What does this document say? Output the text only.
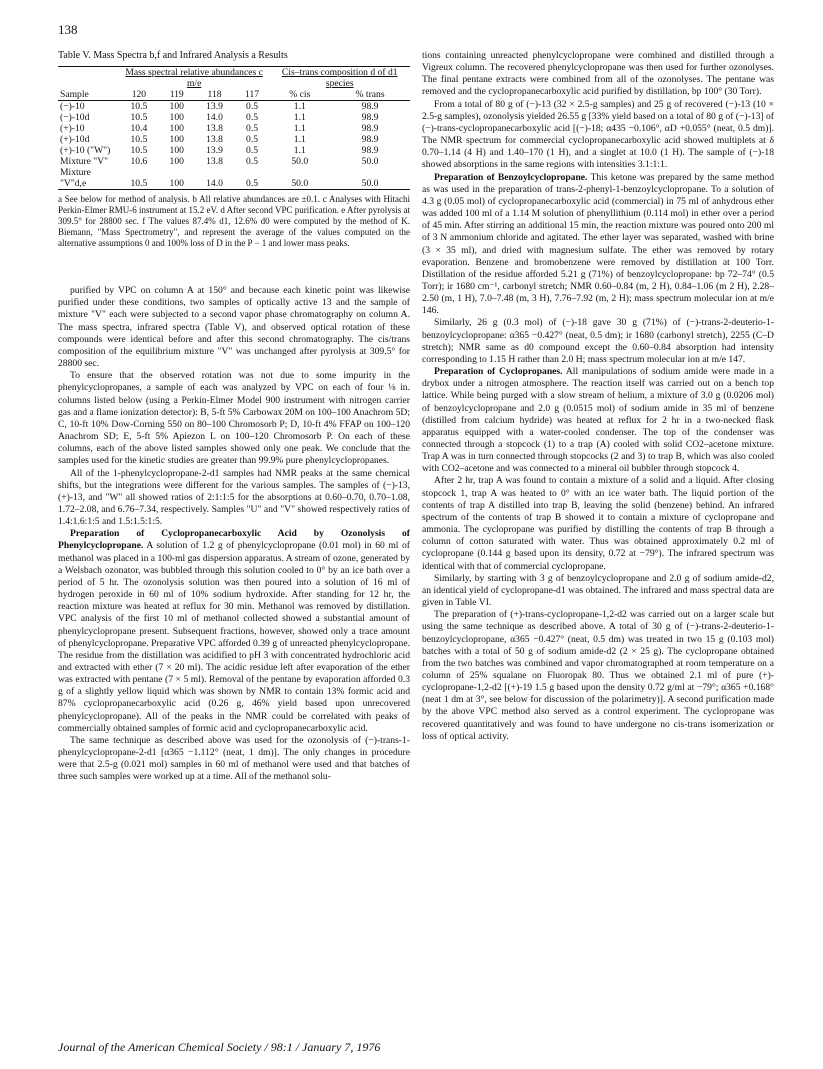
138
Table V. Mass Spectra b,f and Infrared Analysis a Results
	Mass spectral relative abundances c m/e				Cis–trans composition d of d1 species	
Sample	120	119	118	117	% cis	% trans
(−)-10	10.5	100	13.9	0.5	1.1	98.9
(−)-10d	10.5	100	14.0	0.5	1.1	98.9
(+)-10	10.4	100	13.8	0.5	1.1	98.9
(+)-10d	10.5	100	13.8	0.5	1.1	98.9
(+)-10 ("W")	10.5	100	13.9	0.5	1.1	98.9
Mixture "V"	10.6	100	13.8	0.5	50.0	50.0
Mixture "V"d,e	10.5	100	14.0	0.5	50.0	50.0
a See below for method of analysis. b All relative abundances are ±0.1. c Analyses with Hitachi Perkin-Elmer RMU-6 instrument at 15.2 eV. d After second VPC purification. e After pyrolysis at 309.5° for 28800 sec. f The values 87.4% d1, 12.6% d0 were computed by the method of K. Biemann, "Mass Spectrometry", and represent the average of the values computed on the alternative assumptions 0 and 100% loss of D in the P − 1 and lower mass peaks.

purified by VPC on column A at 150° and because each kinetic point was likewise purified under these conditions, two samples of optically active 13 and the sample of mixture "V" each were subjected to a second vapor phase chromatography on column A. The mass spectra, infrared spectra (Table V), and observed optical rotation of these compounds were identical before and after this second chromatography. The cis/trans composition of the equilibrium mixture "V" was unchanged after pyrolysis at 309.5° for 28800 sec.

To ensure that the observed rotation was not due to some impurity in the phenylcyclopropanes, a sample of each was analyzed by VPC on each of four ⅛ in. columns listed below (using a Perkin-Elmer Model 900 instrument with nitrogen carrier gas and a flame ionization detector): B, 5-ft 5% Carbowax 20M on 100–100 Anachrom 5D; C, 10-ft 10% Dow-Corning 550 on 80–100 Chromosorb P; D, 10-ft 4% FFAP on 100–120 Anachrom SD; E, 5-ft 5% Apiezon L on 100–120 Chromosorb P. On each of these columns, each of the above listed samples showed only one peak. We conclude that the samples used for the kinetic studies are greater than 99.9% pure phenylcyclopropanes.

All of the 1-phenylcyclopropane-2-d1 samples had NMR peaks at the same chemical shifts, but the integrations were different for the various samples. The samples of (−)-13, (+)-13, and "W" all showed ratios of 2:1:1:5 for the absorptions at 0.60–0.70, 0.70–1.08, 1.72–2.08, and 6.76–7.34, respectively. Samples "U" and "V" showed respectively ratios of 1.4:1.6:1:5 and 1.5:1.5:1:5.

Preparation of Cyclopropanecarboxylic Acid by Ozonolysis of Phenylcyclopropane. A solution of 1.2 g of phenylcyclopropane (0.01 mol) in 60 ml of methanol was placed in a 100-ml gas dispersion apparatus. A stream of ozone, generated by a Welsbach ozonator, was bubbled through this solution cooled to 0° by an ice bath over a period of 5 hr. The ozonolysis solution was then poured into a solution of 16 ml of hydrogen peroxide in 60 ml of 10% sodium hydroxide. After standing for 12 hr, the reaction mixture was heated at reflux for 30 min. Methanol was removed by distillation. VPC analysis of the first 10 ml of methanol collected showed a substantial amount of phenylcyclopropane present. Subsequent fractions, however, showed only a trace amount of phenylcyclopropane. Preparative VPC afforded 0.39 g of unreacted phenylcyclopropane. The residue from the distillation was acidified to pH 3 with concentrated hydrochloric acid and extracted with ether (7 × 20 ml). The acidic residue left after evaporation of the ether was extracted with pentane (7 × 5 ml). Removal of the pentane by evaporation afforded 0.3 g of a slightly yellow liquid which was shown by NMR to contain 13% formic acid and 87% cyclopropanecarboxylic acid (0.26 g, 46% yield based upon unrecovered phenylcyclopropane). All of the peaks in the NMR could be correlated with peaks of commercially obtained samples of formic acid and cyclopropanecarboxylic acid.

The same technique as described above was used for the ozonolysis of (−)-trans-1-phenylcyclopropane-2-d1 [α365 −1.112° (neat, 1 dm)]. The only changes in procedure were that 2.5-g (0.021 mol) samples in 60 ml of methanol were used and that batches of three such samples were worked up at a time. All of the methanol solu-

tions containing unreacted phenylcyclopropane were combined and distilled through a Vigreux column. The recovered phenylcyclopropane was then used for further ozonolyses. The final pentane extracts were combined from all of the ozonolyses. The pentane was removed and the cyclopropanecarboxylic acid purified by distillation, bp 100° (30 Torr).

From a total of 80 g of (−)-13 (32 × 2.5-g samples) and 25 g of recovered (−)-13 (10 × 2.5-g samples), ozonolysis yielded 26.55 g [33% yield based on a total of 80 g of (−)-13] of (−)-trans-cyclopropanecarboxylic acid [(−)-18; α435 −0.106°, αD +0.055° (neat, 0.5 dm)]. The NMR spectrum for commercial cyclopropanecarboxylic acid showed multiplets at δ 0.70–1.14 (4 H) and 1.40–170 (1 H), and a singlet at 10.0 (1 H). The sample of (−)-18 showed absorptions in the same regions with intensities 3.1:1:1.

Preparation of Benzoylcyclopropane. This ketone was prepared by the same method as was used in the preparation of trans-2-phenyl-1-benzoylcyclopropane. To a solution of 4.3 g (0.05 mol) of cyclopropanecarboxylic acid (commercial) in 75 ml of anhydrous ether was added 100 ml of a 1.14 M solution of phenyllithium (0.114 mol) in ether over a period of 45 min. After stirring an additional 15 min, the reaction mixture was poured onto 200 ml of 3 N ammonium chloride and agitated. The ether layer was separated, washed with brine (3 × 35 ml), and dried with magnesium sulfate. The ether was removed by rotary evaporation. Benzene and bromobenzene were removed by distillation at 100 Torr. Distillation of the residue afforded 5.21 g (71%) of benzoylcyclopropane: bp 72–74° (0.5 Torr); ir 1680 cm⁻¹, carbonyl stretch; NMR 0.60–0.84 (m, 2 H), 0.84–1.06 (m 2 H), 2.28–2.50 (m, 1 H), 7.0–7.48 (m, 3 H), 7.76–7.92 (m, 2 H); mass spectrum molecular ion at m/e 146.

Similarly, 26 g (0.3 mol) of (−)-18 gave 30 g (71%) of (−)-trans-2-deuterio-1-benzoylcyclopropane: α365 −0.427° (neat, 0.5 dm); ir 1680 (carbonyl stretch), 2255 (C–D stretch); NMR same as d0 compound except the 0.60–0.84 absorption had intensity corresponding to 1.15 H rather than 2.0 H; mass spectrum molecular ion at m/e 147.

Preparation of Cyclopropanes. All manipulations of sodium amide were made in a drybox under a nitrogen atmosphere. The reaction itself was carried out on a bench top lattice. While being purged with a slow stream of helium, a mixture of 3.0 g (0.0206 mol) of benzoylcyclopropane and 2.0 g (0.0515 mol) of sodium amide in 35 ml of benzene (distilled from calcium hydride) was heated at reflux for 2 hr in a two-necked flask apparatus equipped with a water-cooled condenser. The top of the condenser was connected through a stopcock (1) to a trap (A) cooled with solid CO2–acetone mixture. Trap A was in turn connected through stopcocks (2 and 3) to trap B, which was also cooled with CO2–acetone and was connected to a mineral oil bubbler through stopcock 4.

After 2 hr, trap A was found to contain a mixture of a solid and a liquid. After closing stopcock 1, trap A was heated to 0° with an ice water bath. The liquid portion of the contents of trap A distilled into trap B, leaving the solid (benzene) behind. An infrared spectrum of the contents of trap B showed it to contain a mixture of cyclopropane and ammonia. The cyclopropane was purified by distilling the contents of trap B through a column of cotton saturated with water. Thus was obtained approximately 0.2 ml of cyclopropane (0.144 g based upon its density, 0.72 at −79°). The infrared spectrum was identical with that of commercial cyclopropane.

Similarly, by starting with 3 g of benzoylcyclopropane and 2.0 g of sodium amide-d2, an identical yield of cyclopropane-d1 was obtained. The infrared and mass spectral data are given in Table VI.

The preparation of (+)-trans-cyclopropane-1,2-d2 was carried out on a larger scale but using the same technique as described above. A total of 30 g of (−)-trans-2-deuterio-1-benzoylcyclopropane, α365 −0.427° (neat, 0.5 dm) was treated in two 15 g (0.103 mol) batches with a total of 50 g of sodium amide-d2 (2 × 25 g). The cyclopropane obtained from the two batches was combined and vapor chromatographed at room temperature on a column of 25% squalane on Fluoropak 80. Thus we obtained 2.1 ml of pure (+)-cyclopropane-1,2-d2 [(+)-19 1.5 g based upon the density 0.72 g/ml at −79°; α365 +0.168° (neat 1 dm at 3°, see below for discussion of the polarimetry)]. A second purification made by the above VPC method also served as a control experiment. The cyclopropane was recovered quantitatively and was found to have undergone no cis-trans isomerization or loss of optical activity.

Journal of the American Chemical Society / 98:1 / January 7, 1976
